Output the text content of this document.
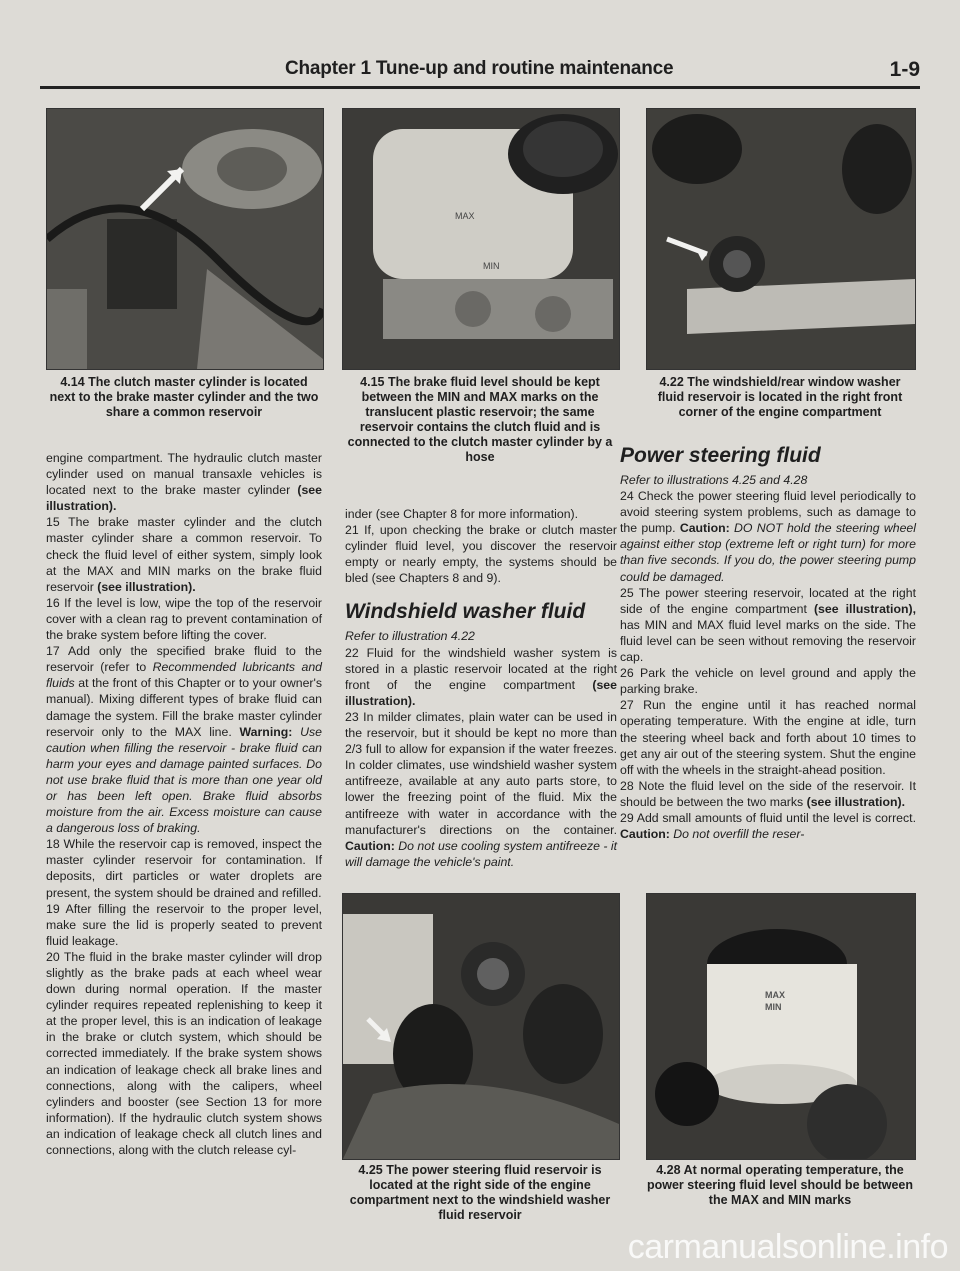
Chapter 1 Tune-up and routine maintenance	1-9
4.14 The clutch master cylinder is located next to the brake master cylinder and the two share a common reservoir
MAX
MIN
4.15 The brake fluid level should be kept between the MIN and MAX marks on the translucent plastic reservoir; the same reservoir contains the clutch fluid and is connected to the clutch master cylinder by a hose
4.22 The windshield/rear window washer fluid reservoir is located in the right front corner of the engine compartment

engine compartment. The hydraulic clutch master cylinder used on manual transaxle vehicles is located next to the brake master cylinder (see illustration).

15 The brake master cylinder and the clutch master cylinder share a common reservoir. To check the fluid level of either system, simply look at the MAX and MIN marks on the brake fluid reservoir (see illustration).

16 If the level is low, wipe the top of the reservoir cover with a clean rag to prevent contamination of the brake system before lifting the cover.

17 Add only the specified brake fluid to the reservoir (refer to Recommended lubricants and fluids at the front of this Chapter or to your owner's manual). Mixing different types of brake fluid can damage the system. Fill the brake master cylinder reservoir only to the MAX line. Warning: Use caution when filling the reservoir - brake fluid can harm your eyes and damage painted surfaces. Do not use brake fluid that is more than one year old or has been left open. Brake fluid absorbs moisture from the air. Excess moisture can cause a dangerous loss of braking.

18 While the reservoir cap is removed, inspect the master cylinder reservoir for contamination. If deposits, dirt particles or water droplets are present, the system should be drained and refilled.

19 After filling the reservoir to the proper level, make sure the lid is properly seated to prevent fluid leakage.

20 The fluid in the brake master cylinder will drop slightly as the brake pads at each wheel wear down during normal operation. If the master cylinder requires repeated replenishing to keep it at the proper level, this is an indication of leakage in the brake or clutch system, which should be corrected immediately. If the brake system shows an indication of leakage check all brake lines and connections, along with the calipers, wheel cylinders and booster (see Section 13 for more information). If the hydraulic clutch system shows an indication of leakage check all clutch lines and connections, along with the clutch release cyl-

inder (see Chapter 8 for more information).

21 If, upon checking the brake or clutch master cylinder fluid level, you discover the reservoir empty or nearly empty, the systems should be bled (see Chapters 8 and 9).

Windshield washer fluid

Refer to illustration 4.22

22 Fluid for the windshield washer system is stored in a plastic reservoir located at the right front of the engine compartment (see illustration).

23 In milder climates, plain water can be used in the reservoir, but it should be kept no more than 2/3 full to allow for expansion if the water freezes. In colder climates, use windshield washer system antifreeze, available at any auto parts store, to lower the freezing point of the fluid. Mix the antifreeze with water in accordance with the manufacturer's directions on the container. Caution: Do not use cooling system antifreeze - it will damage the vehicle's paint.

Power steering fluid

Refer to illustrations 4.25 and 4.28

24 Check the power steering fluid level periodically to avoid steering system problems, such as damage to the pump. Caution: DO NOT hold the steering wheel against either stop (extreme left or right turn) for more than five seconds. If you do, the power steering pump could be damaged.

25 The power steering reservoir, located at the right side of the engine compartment (see illustration), has MIN and MAX fluid level marks on the side. The fluid level can be seen without removing the reservoir cap.

26 Park the vehicle on level ground and apply the parking brake.

27 Run the engine until it has reached normal operating temperature. With the engine at idle, turn the steering wheel back and forth about 10 times to get any air out of the steering system. Shut the engine off with the wheels in the straight-ahead position.

28 Note the fluid level on the side of the reservoir. It should be between the two marks (see illustration).

29 Add small amounts of fluid until the level is correct. Caution: Do not overfill the reser-

4.25 The power steering fluid reservoir is located at the right side of the engine compartment next to the windshield washer fluid reservoir
MAX
MIN
4.28 At normal operating temperature, the power steering fluid level should be between the MAX and MIN marks
carmanualsonline.info
